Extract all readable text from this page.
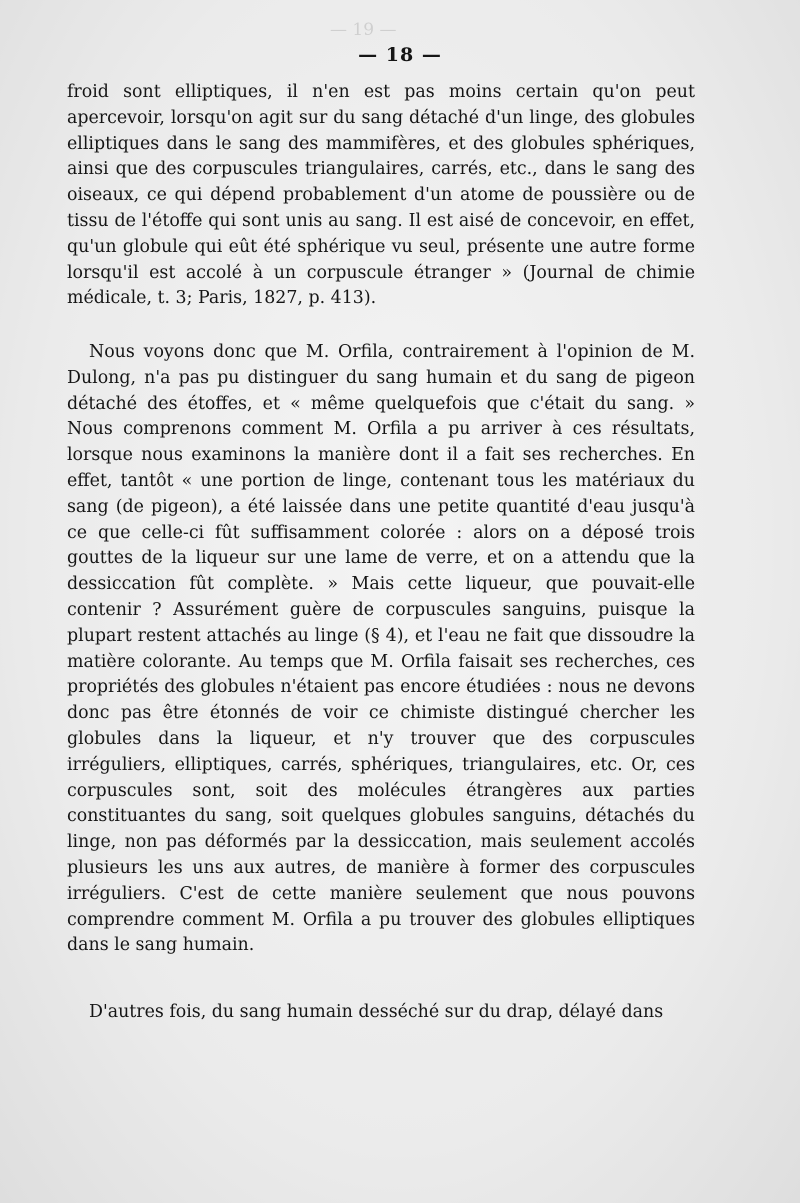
— 19 —

— 18 —

froid sont elliptiques, il n'en est pas moins certain qu'on peut apercevoir, lorsqu'on agit sur du sang détaché d'un linge, des globules elliptiques dans le sang des mammifères, et des globules sphériques, ainsi que des corpuscules triangulaires, carrés, etc., dans le sang des oiseaux, ce qui dépend probablement d'un atome de poussière ou de tissu de l'étoffe qui sont unis au sang. Il est aisé de concevoir, en effet, qu'un globule qui eût été sphérique vu seul, présente une autre forme lorsqu'il est accolé à un corpuscule étranger » (Journal de chimie médicale, t. 3; Paris, 1827, p. 413).

Nous voyons donc que M. Orfila, contrairement à l'opinion de M. Dulong, n'a pas pu distinguer du sang humain et du sang de pigeon détaché des étoffes, et « même quelquefois que c'était du sang. » Nous comprenons comment M. Orfila a pu arriver à ces résultats, lorsque nous examinons la manière dont il a fait ses recherches. En effet, tantôt « une portion de linge, contenant tous les matériaux du sang (de pigeon), a été laissée dans une petite quantité d'eau jusqu'à ce que celle-ci fût suffisamment colorée : alors on a déposé trois gouttes de la liqueur sur une lame de verre, et on a attendu que la dessiccation fût complète. » Mais cette liqueur, que pouvait-elle contenir ? Assurément guère de corpuscules sanguins, puisque la plupart restent attachés au linge (§ 4), et l'eau ne fait que dissoudre la matière colorante. Au temps que M. Orfila faisait ses recherches, ces propriétés des globules n'étaient pas encore étudiées : nous ne devons donc pas être étonnés de voir ce chimiste distingué chercher les globules dans la liqueur, et n'y trouver que des corpuscules irréguliers, elliptiques, carrés, sphériques, triangulaires, etc. Or, ces corpuscules sont, soit des molécules étrangères aux parties constituantes du sang, soit quelques globules sanguins, détachés du linge, non pas déformés par la dessiccation, mais seulement accolés plusieurs les uns aux autres, de manière à former des corpuscules irréguliers. C'est de cette manière seulement que nous pouvons comprendre comment M. Orfila a pu trouver des globules elliptiques dans le sang humain.

D'autres fois, du sang humain desséché sur du drap, délayé dans
